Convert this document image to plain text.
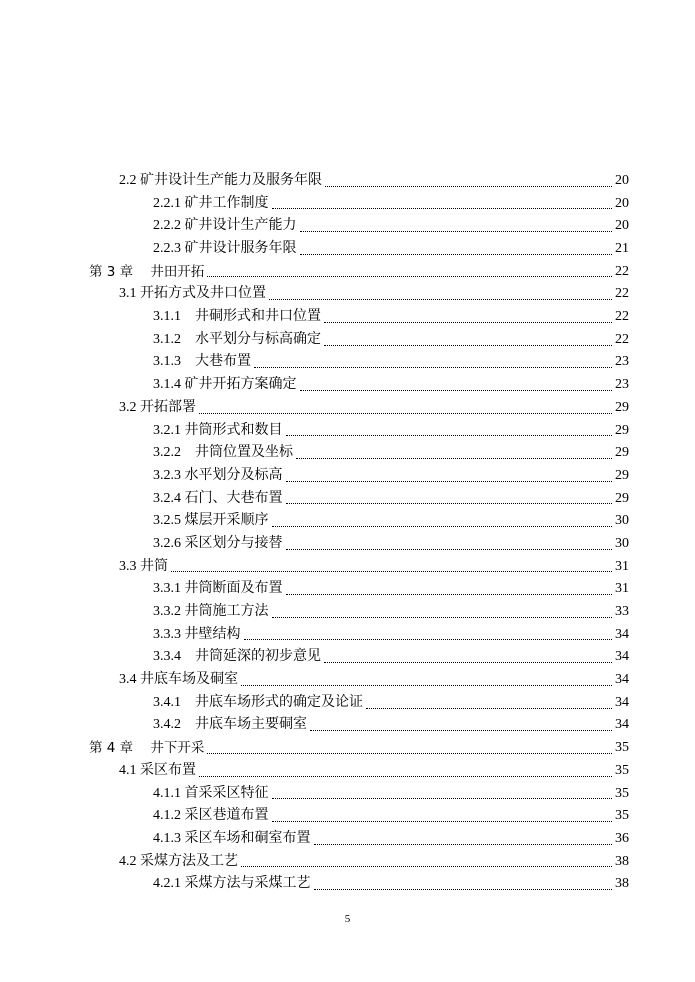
2.2 矿井设计生产能力及服务年限	20
2.2.1 矿井工作制度	20
2.2.2 矿井设计生产能力	20
2.2.3 矿井设计服务年限	21
第 3 章    井田开拓	22
3.1 开拓方式及井口位置	22
3.1.1    井硐形式和井口位置	22
3.1.2    水平划分与标高确定	22
3.1.3    大巷布置	23
3.1.4 矿井开拓方案确定	23
3.2 开拓部署	29
3.2.1 井筒形式和数目	29
3.2.2    井筒位置及坐标	29
3.2.3 水平划分及标高	29
3.2.4 石门、大巷布置	29
3.2.5 煤层开采顺序	30
3.2.6 采区划分与接替	30
3.3 井筒	31
3.3.1 井筒断面及布置	31
3.3.2 井筒施工方法	33
3.3.3 井壁结构	34
3.3.4    井筒延深的初步意见	34
3.4 井底车场及硐室	34
3.4.1    井底车场形式的确定及论证	34
3.4.2    井底车场主要硐室	34
第 4 章    井下开采	35
4.1 采区布置	35
4.1.1 首采采区特征	35
4.1.2 采区巷道布置	35
4.1.3 采区车场和硐室布置	36
4.2 采煤方法及工艺	38
4.2.1 采煤方法与采煤工艺	38
5
